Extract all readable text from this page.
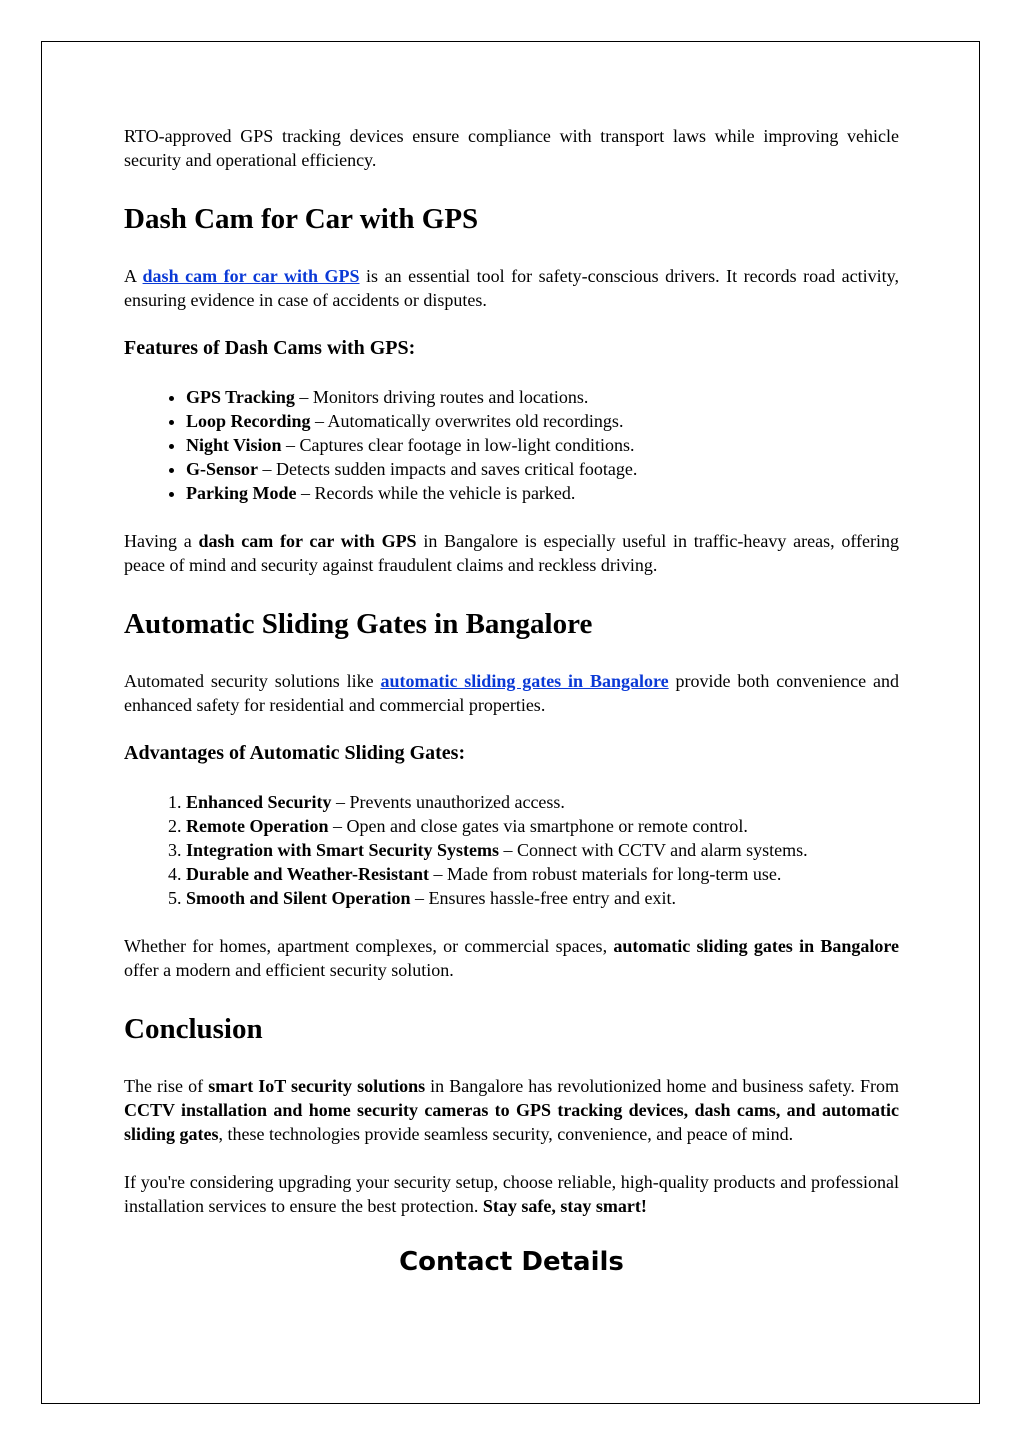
RTO-approved GPS tracking devices ensure compliance with transport laws while improving vehicle security and operational efficiency.

Dash Cam for Car with GPS

A dash cam for car with GPS is an essential tool for safety-conscious drivers. It records road activity, ensuring evidence in case of accidents or disputes.

Features of Dash Cams with GPS:
• GPS Tracking – Monitors driving routes and locations.
• Loop Recording – Automatically overwrites old recordings.
• Night Vision – Captures clear footage in low-light conditions.
• G-Sensor – Detects sudden impacts and saves critical footage.
• Parking Mode – Records while the vehicle is parked.

Having a dash cam for car with GPS in Bangalore is especially useful in traffic-heavy areas, offering peace of mind and security against fraudulent claims and reckless driving.

Automatic Sliding Gates in Bangalore

Automated security solutions like automatic sliding gates in Bangalore provide both convenience and enhanced safety for residential and commercial properties.

Advantages of Automatic Sliding Gates:
1. Enhanced Security – Prevents unauthorized access.
2. Remote Operation – Open and close gates via smartphone or remote control.
3. Integration with Smart Security Systems – Connect with CCTV and alarm systems.
4. Durable and Weather-Resistant – Made from robust materials for long-term use.
5. Smooth and Silent Operation – Ensures hassle-free entry and exit.

Whether for homes, apartment complexes, or commercial spaces, automatic sliding gates in Bangalore offer a modern and efficient security solution.

Conclusion

The rise of smart IoT security solutions in Bangalore has revolutionized home and business safety. From CCTV installation and home security cameras to GPS tracking devices, dash cams, and automatic sliding gates, these technologies provide seamless security, convenience, and peace of mind.

If you're considering upgrading your security setup, choose reliable, high-quality products and professional installation services to ensure the best protection. Stay safe, stay smart!

Contact Details
